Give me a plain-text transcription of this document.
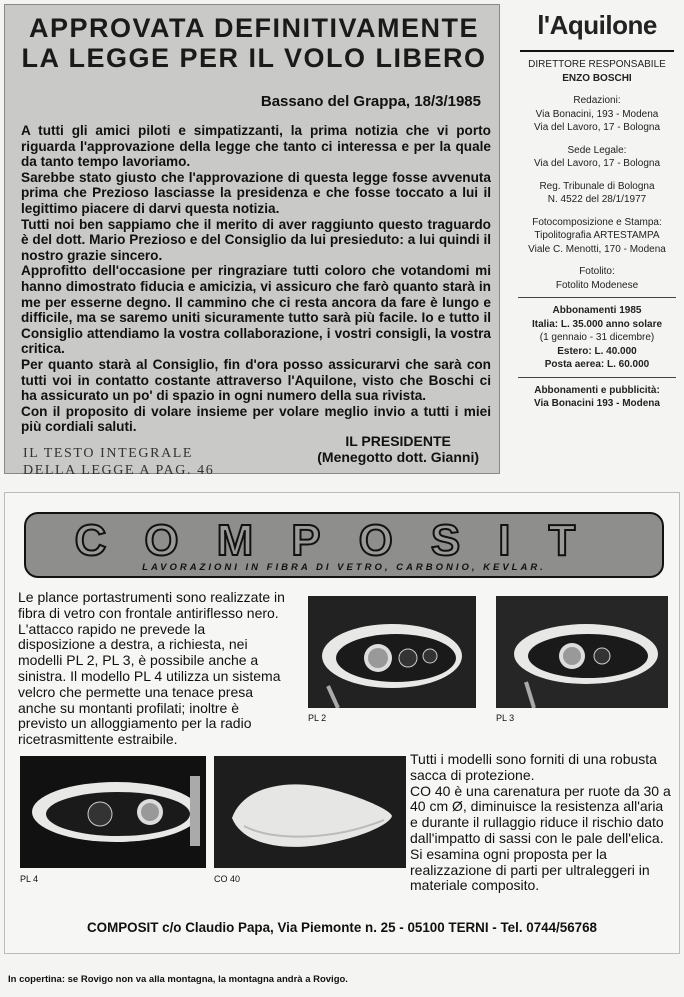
APPROVATA DEFINITIVAMENTE
LA LEGGE PER IL VOLO LIBERO
Bassano del Grappa, 18/3/1985

A tutti gli amici piloti e simpatizzanti, la prima notizia che vi porto riguarda l'approvazione della legge che tanto ci interessa e per la quale da tanto tempo lavoriamo.

Sarebbe stato giusto che l'approvazione di questa legge fosse avvenuta prima che Prezioso lasciasse la presidenza e che fosse toccato a lui il legittimo piacere di darvi questa notizia.

Tutti noi ben sappiamo che il merito di aver raggiunto questo traguardo è del dott. Mario Prezioso e del Consiglio da lui presieduto: a lui quindi il nostro grazie sincero.

Approfitto dell'occasione per ringraziare tutti coloro che votandomi mi hanno dimostrato fiducia e amicizia, vi assicuro che farò quanto starà in me per esserne degno. Il cammino che ci resta ancora da fare è lungo e difficile, ma se saremo uniti sicuramente tutto sarà più facile. Io e tutto il Consiglio attendiamo la vostra collaborazione, i vostri consigli, la vostra critica.

Per quanto starà al Consiglio, fin d'ora posso assicurarvi che sarà con tutti voi in contatto costante attraverso l'Aquilone, visto che Boschi ci ha assicurato un po' di spazio in ogni numero della sua rivista.

Con il proposito di volare insieme per volare meglio invio a tutti i miei più cordiali saluti.

IL TESTO INTEGRALE
DELLA LEGGE A PAG. 46
IL PRESIDENTE
(Menegotto dott. Gianni)
l'Aquilone
DIRETTORE RESPONSABILE
ENZO BOSCHI
Redazioni:
Via Bonacini, 193 - Modena
Via del Lavoro, 17 - Bologna
Sede Legale:
Via del Lavoro, 17 - Bologna
Reg. Tribunale di Bologna
N. 4522 del 28/1/1977
Fotocomposizione e Stampa:
Tipolitografia ARTESTAMPA
Viale C. Menotti, 170 - Modena
Fotolito:
Fotolito Modenese
Abbonamenti 1985
Italia: L. 35.000 anno solare
(1 gennaio - 31 dicembre)
Estero: L. 40.000
Posta aerea: L. 60.000
Abbonamenti e pubblicità:
Via Bonacini 193 - Modena
COMPOSIT
LAVORAZIONI IN FIBRA DI VETRO, CARBONIO, KEVLAR.

Le plance portastrumenti sono realizzate in fibra di vetro con frontale antiriflesso nero.

L'attacco rapido ne prevede la disposizione a destra, a richiesta, nei modelli PL 2, PL 3, è possibile anche a sinistra. Il modello PL 4 utilizza un sistema velcro che permette una tenace presa anche su montanti profilati; inoltre è previsto un alloggiamento per la radio ricetrasmittente estraibile.

PL 2	PL 3
PL 4	CO 40

Tutti i modelli sono forniti di una robusta sacca di protezione.

CO 40 è una carenatura per ruote da 30 a 40 cm Ø, diminuisce la resistenza all'aria e durante il rullaggio riduce il rischio dato dall'impatto di sassi con le pale dell'elica.

Si esamina ogni proposta per la realizzazione di parti per ultraleggeri in materiale composito.

COMPOSIT c/o Claudio Papa, Via Piemonte n. 25 - 05100 TERNI - Tel. 0744/56768
In copertina: se Rovigo non va alla montagna, la montagna andrà a Rovigo.
